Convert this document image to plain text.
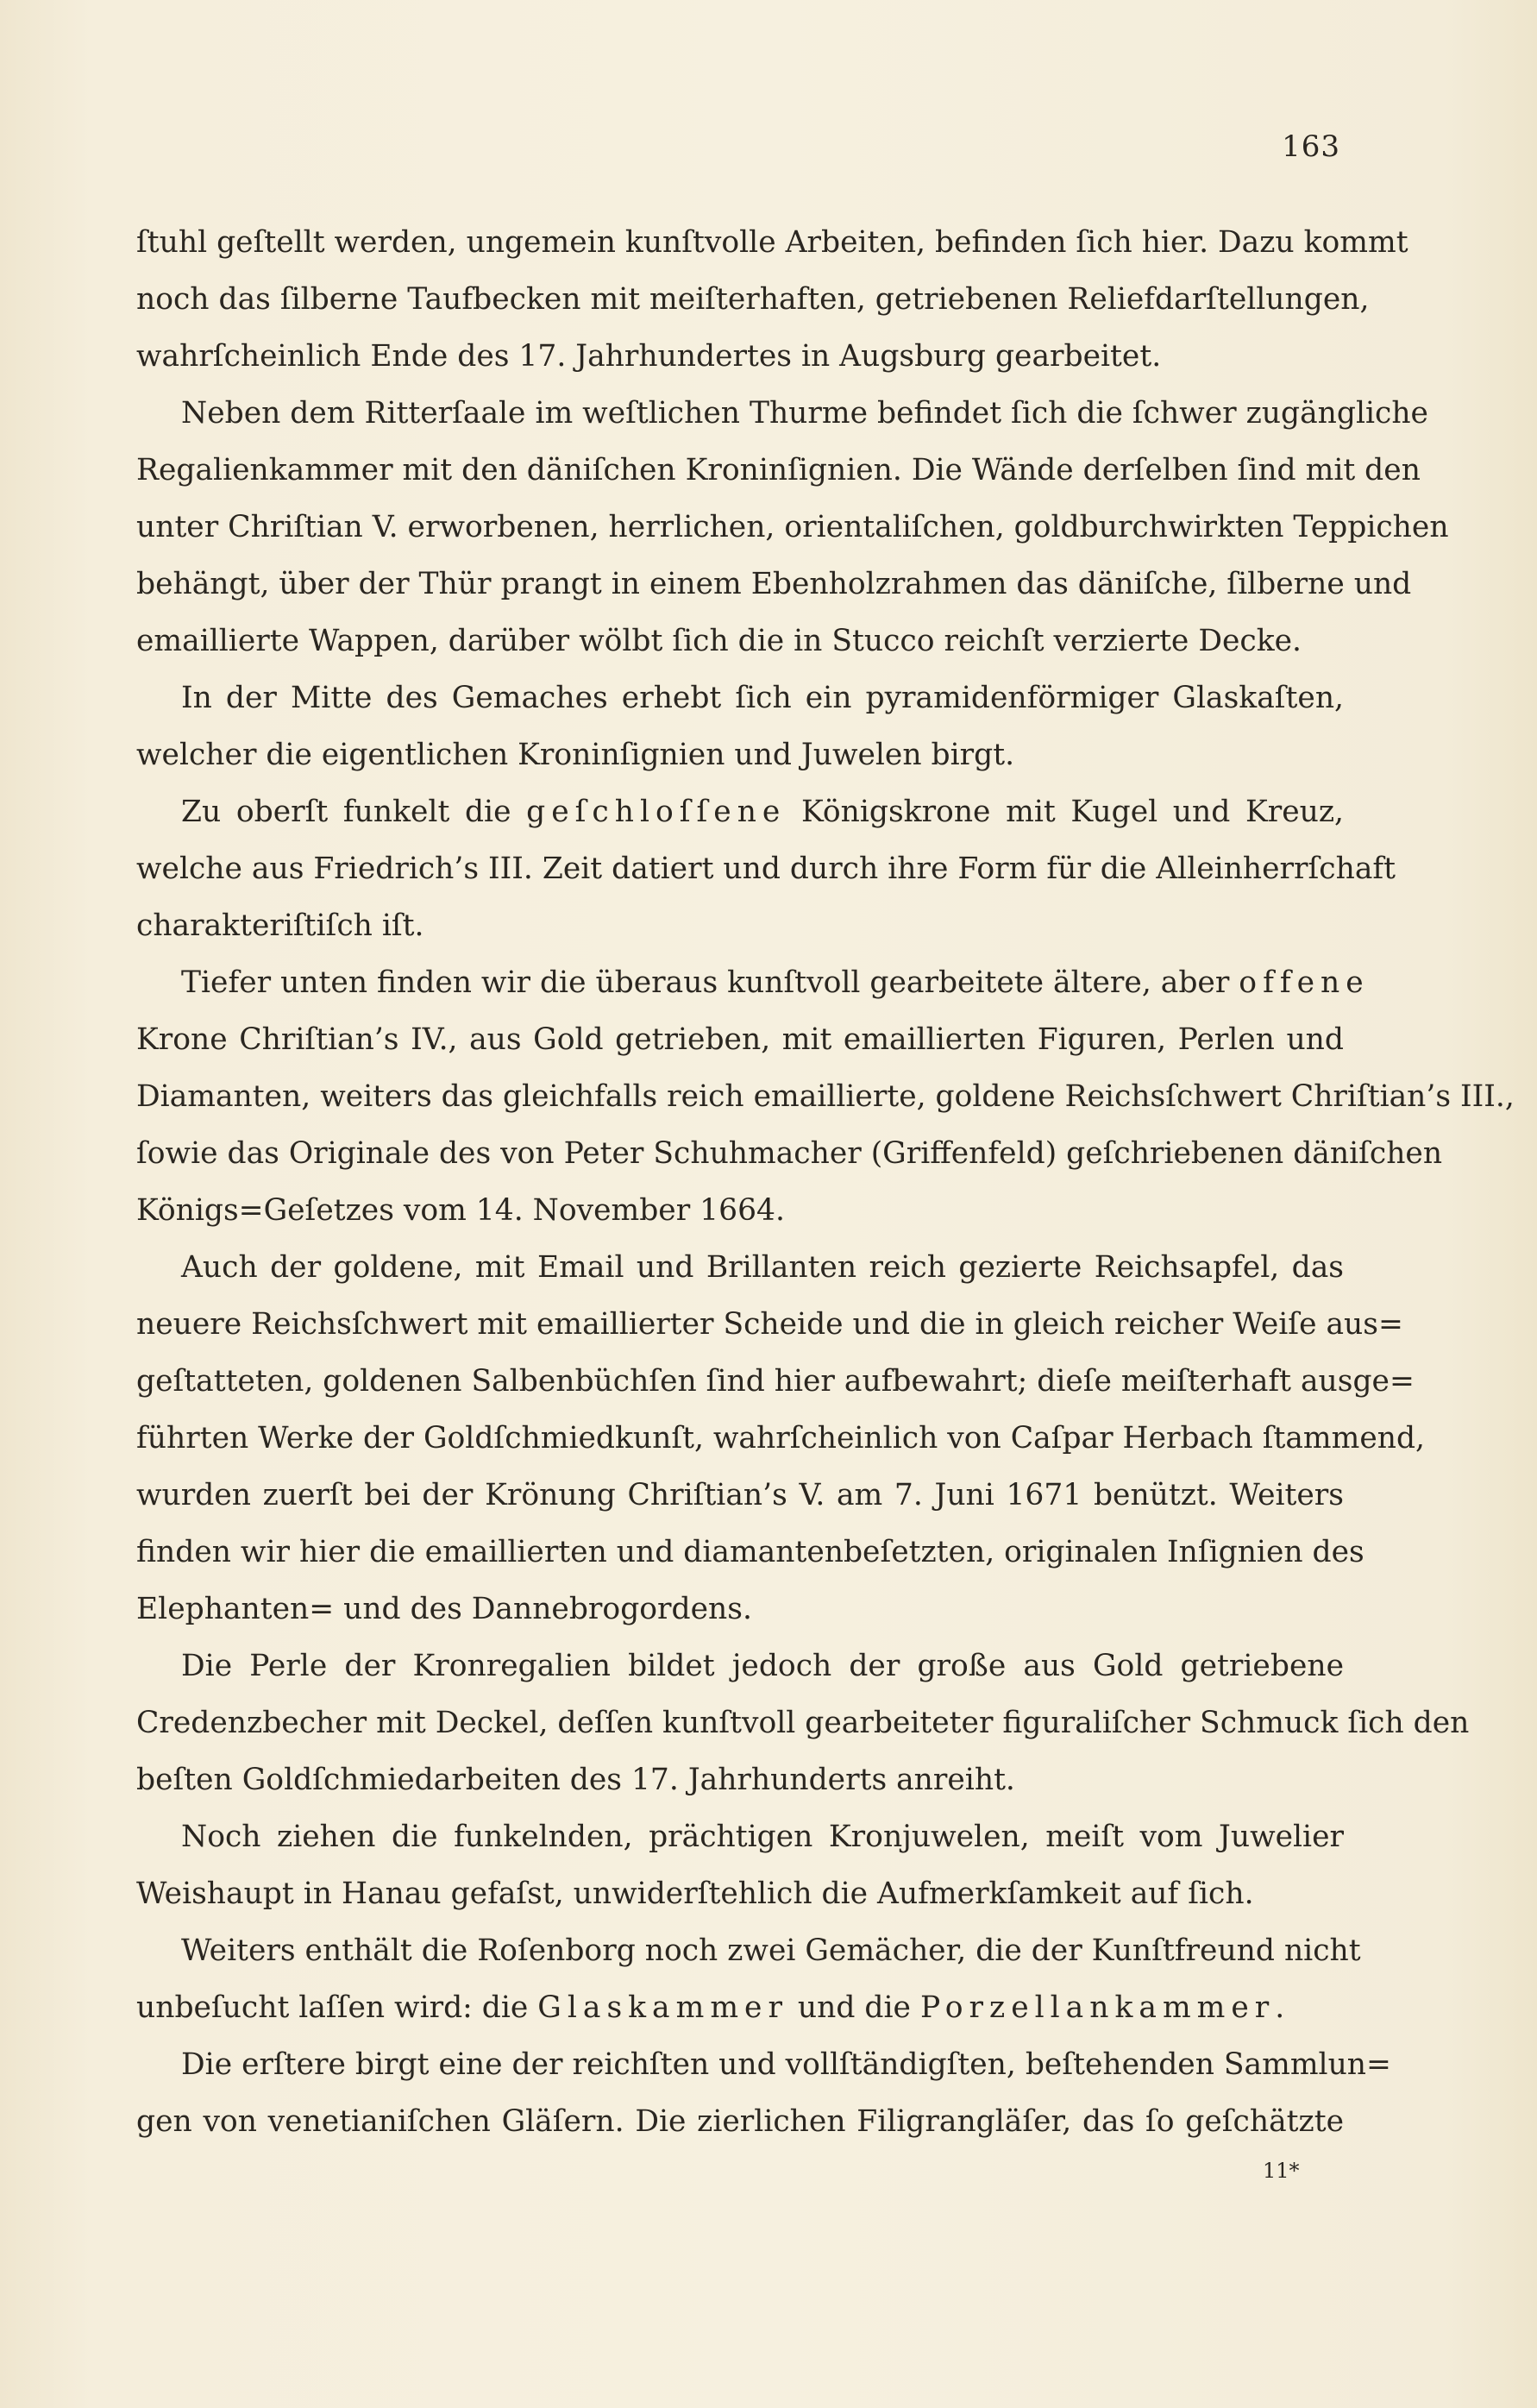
163
ſtuhl geſtellt werden, ungemein kunſtvolle Arbeiten, befinden ſich hier. Dazu kommt
noch das ſilberne Taufbecken mit meiſterhaften, getriebenen Reliefdarſtellungen,
wahrſcheinlich Ende des 17. Jahrhundertes in Augsburg gearbeitet.
Neben dem Ritterſaale im weſtlichen Thurme befindet ſich die ſchwer zugängliche
Regalienkammer mit den däniſchen Kroninſignien. Die Wände derſelben ſind mit den
unter Chriſtian V. erworbenen, herrlichen, orientaliſchen, goldburchwirkten Teppichen
behängt, über der Thür prangt in einem Ebenholzrahmen das däniſche, ſilberne und
emaillierte Wappen, darüber wölbt ſich die in Stucco reichſt verzierte Decke.
In der Mitte des Gemaches erhebt ſich ein pyramidenförmiger Glaskaſten,
welcher die eigentlichen Kroninſignien und Juwelen birgt.
Zu oberſt funkelt die geſchloſſene Königskrone mit Kugel und Kreuz,
welche aus Friedrich’s III. Zeit datiert und durch ihre Form für die Alleinherrſchaft
charakteriſtiſch iſt.
Tiefer unten finden wir die überaus kunſtvoll gearbeitete ältere, aber offene
Krone Chriſtian’s IV., aus Gold getrieben, mit emaillierten Figuren, Perlen und
Diamanten, weiters das gleichfalls reich emaillierte, goldene Reichsſchwert Chriſtian’s III.,
ſowie das Originale des von Peter Schuhmacher (Griffenfeld) geſchriebenen däniſchen
Königs=Geſetzes vom 14. November 1664.
Auch der goldene, mit Email und Brillanten reich gezierte Reichsapfel, das
neuere Reichsſchwert mit emaillierter Scheide und die in gleich reicher Weiſe aus=
geſtatteten, goldenen Salbenbüchſen ſind hier aufbewahrt; dieſe meiſterhaft ausge=
führten Werke der Goldſchmiedkunſt, wahrſcheinlich von Caſpar Herbach ſtammend,
wurden zuerſt bei der Krönung Chriſtian’s V. am 7. Juni 1671 benützt. Weiters
finden wir hier die emaillierten und diamantenbeſetzten, originalen Inſignien des
Elephanten= und des Dannebrogordens.
Die Perle der Kronregalien bildet jedoch der große aus Gold getriebene
Credenzbecher mit Deckel, deſſen kunſtvoll gearbeiteter figuraliſcher Schmuck ſich den
beſten Goldſchmiedarbeiten des 17. Jahrhunderts anreiht.
Noch ziehen die funkelnden, prächtigen Kronjuwelen, meiſt vom Juwelier
Weishaupt in Hanau gefaſst, unwiderſtehlich die Aufmerkſamkeit auf ſich.
Weiters enthält die Roſenborg noch zwei Gemächer, die der Kunſtfreund nicht
unbeſucht laſſen wird: die Glaskammer und die Porzellankammer.
Die erſtere birgt eine der reichſten und vollſtändigſten, beſtehenden Sammlun=
gen von venetianiſchen Gläſern. Die zierlichen Filigrangläſer, das ſo geſchätzte
11*
